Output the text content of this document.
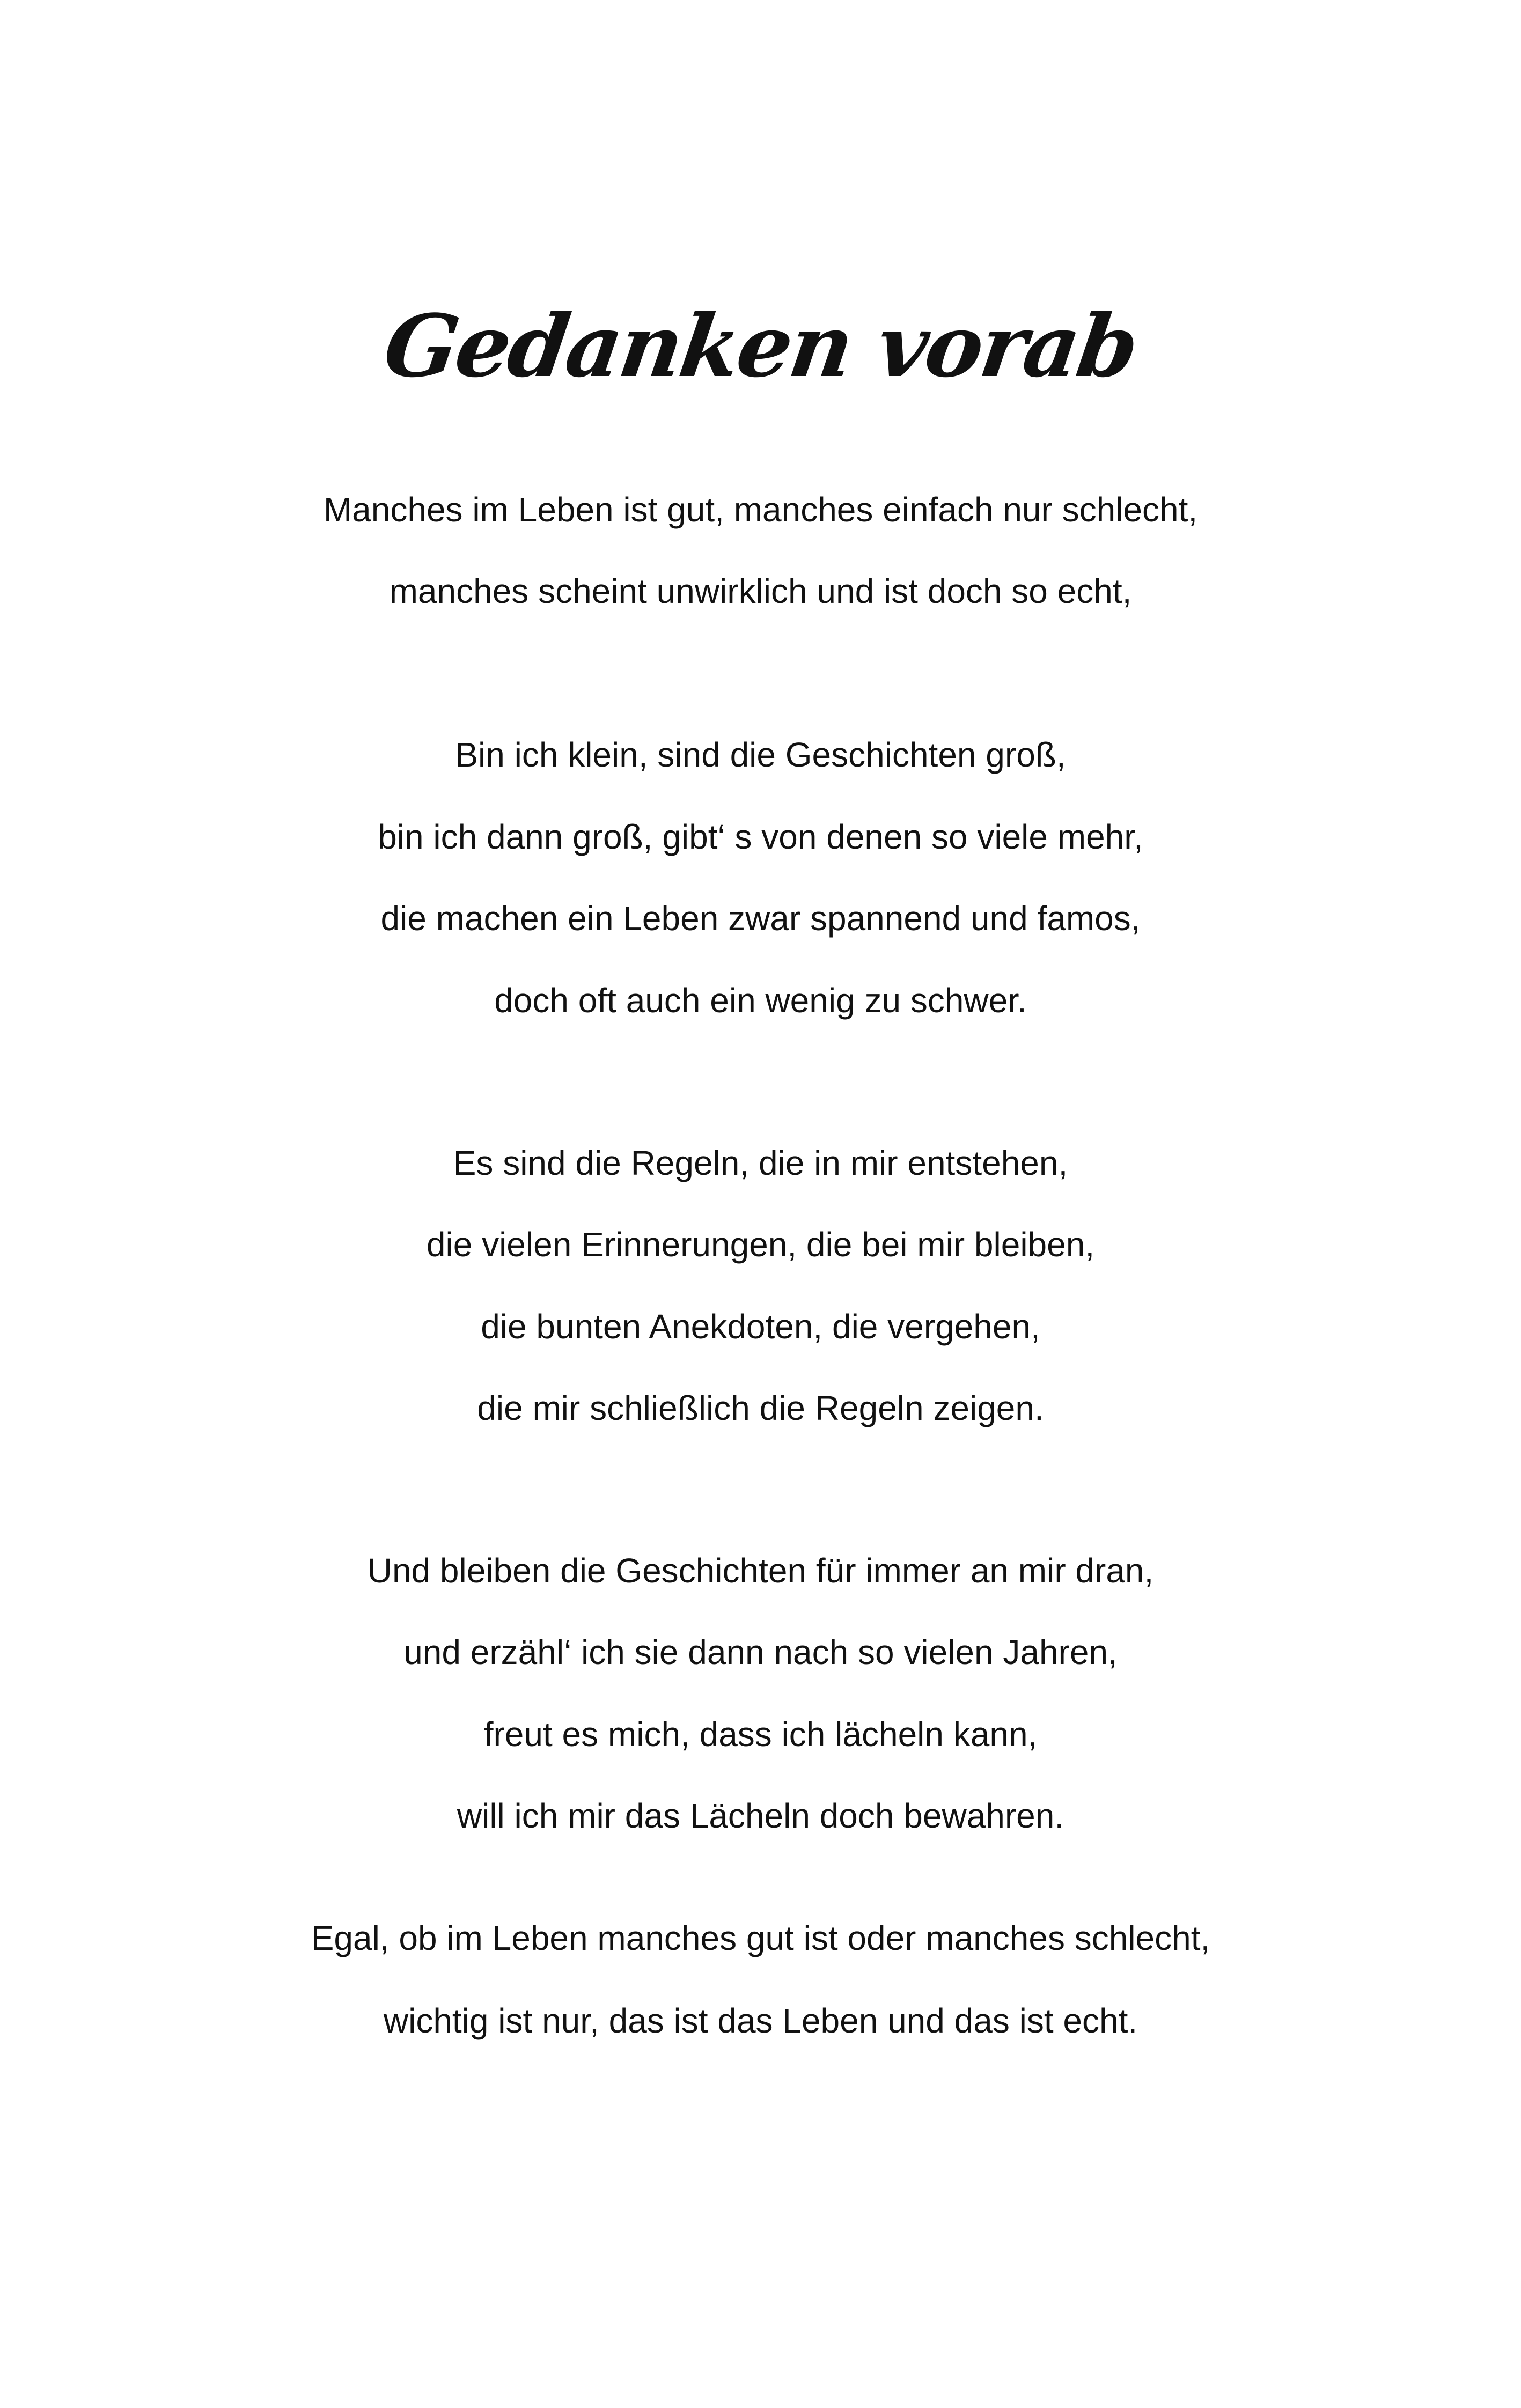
Gedanken vorab
Manches im Leben ist gut, manches einfach nur schlecht,
manches scheint unwirklich und ist doch so echt,
Bin ich klein, sind die Geschichten groß,
bin ich dann groß, gibt‘ s von denen so viele mehr,
die machen ein Leben zwar spannend und famos,
doch oft auch ein wenig zu schwer.
Es sind die Regeln, die in mir entstehen,
die vielen Erinnerungen, die bei mir bleiben,
die bunten Anekdoten, die vergehen,
die mir schließlich die Regeln zeigen.
Und bleiben die Geschichten für immer an mir dran,
und erzähl‘ ich sie dann nach so vielen Jahren,
freut es mich, dass ich lächeln kann,
will ich mir das Lächeln doch bewahren.
Egal, ob im Leben manches gut ist oder manches schlecht,
wichtig ist nur, das ist das Leben und das ist echt.
